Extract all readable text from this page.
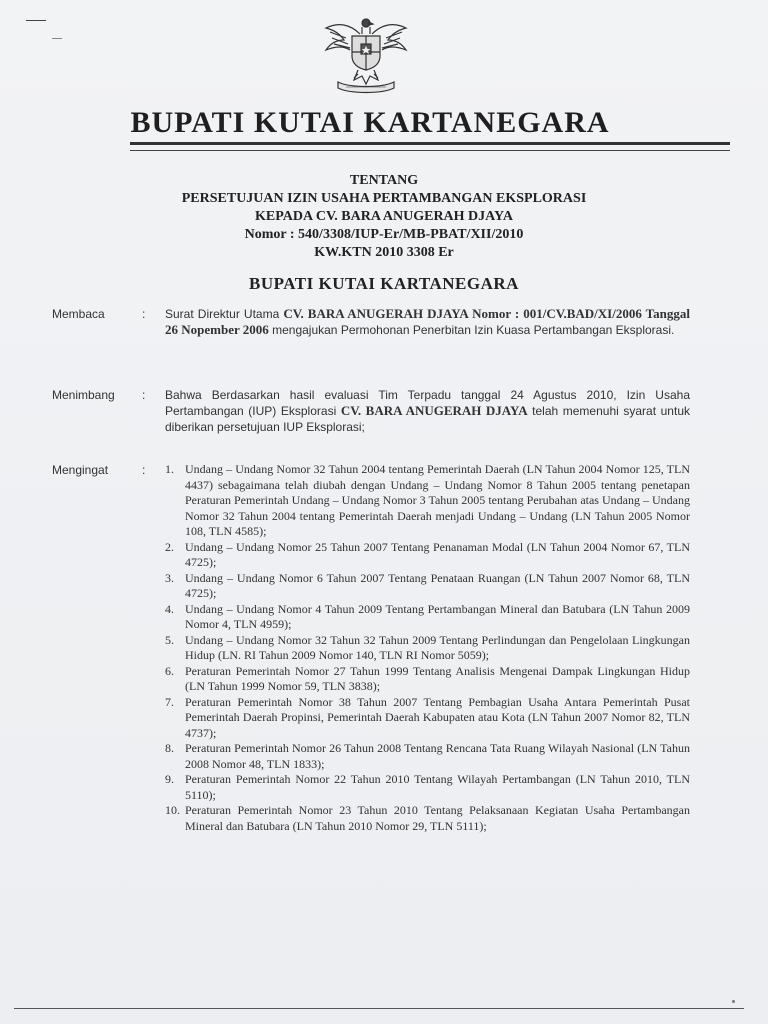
BUPATI KUTAI KARTANEGARA
TENTANG
PERSETUJUAN IZIN USAHA PERTAMBANGAN EKSPLORASI
KEPADA CV. BARA ANUGERAH DJAYA
Nomor : 540/3308/IUP-Er/MB-PBAT/XII/2010
KW.KTN 2010 3308 Er
BUPATI KUTAI KARTANEGARA
Membaca	:	Surat Direktur Utama CV. BARA ANUGERAH DJAYA Nomor : 001/CV.BAD/XI/2006 Tanggal 26 Nopember 2006 mengajukan Permohonan Penerbitan Izin Kuasa Pertambangan Eksplorasi.
Menimbang	:	Bahwa Berdasarkan hasil evaluasi Tim Terpadu tanggal 24 Agustus 2010, Izin Usaha Pertambangan (IUP) Eksplorasi CV. BARA ANUGERAH DJAYA telah memenuhi syarat untuk diberikan persetujuan IUP Eksplorasi;
Mengingat	:	1. Undang – Undang Nomor 32 Tahun 2004 tentang Pemerintah Daerah (LN Tahun 2004 Nomor 125, TLN 4437) sebagaimana telah diubah dengan Undang – Undang Nomor 8 Tahun 2005 tentang penetapan Peraturan Pemerintah Undang – Undang Nomor 3 Tahun 2005 tentang Perubahan atas Undang – Undang Nomor 32 Tahun 2004 tentang Pemerintah Daerah menjadi Undang – Undang (LN Tahun 2005 Nomor 108, TLN 4585);
2. Undang – Undang Nomor 25 Tahun 2007 Tentang Penanaman Modal (LN Tahun 2004 Nomor 67, TLN 4725);
3. Undang – Undang Nomor 6 Tahun 2007 Tentang Penataan Ruangan (LN Tahun 2007 Nomor 68, TLN 4725);
4. Undang – Undang Nomor 4 Tahun 2009 Tentang Pertambangan Mineral dan Batubara (LN Tahun 2009 Nomor 4, TLN 4959);
5. Undang – Undang Nomor 32 Tahun 32 Tahun 2009 Tentang Perlindungan dan Pengelolaan Lingkungan Hidup (LN. RI Tahun 2009 Nomor 140, TLN RI Nomor 5059);
6. Peraturan Pemerintah Nomor 27 Tahun 1999 Tentang Analisis Mengenai Dampak Lingkungan Hidup (LN Tahun 1999 Nomor 59, TLN 3838);
7. Peraturan Pemerintah Nomor 38 Tahun 2007 Tentang Pembagian Usaha Antara Pemerintah Pusat Pemerintah Daerah Propinsi, Pemerintah Daerah Kabupaten atau Kota (LN Tahun 2007 Nomor 82, TLN 4737);
8. Peraturan Pemerintah Nomor 26 Tahun 2008 Tentang Rencana Tata Ruang Wilayah Nasional (LN Tahun 2008 Nomor 48, TLN 1833);
9. Peraturan Pemerintah Nomor 22 Tahun 2010 Tentang Wilayah Pertambangan (LN Tahun 2010, TLN 5110);
10. Peraturan Pemerintah Nomor 23 Tahun 2010 Tentang Pelaksanaan Kegiatan Usaha Pertambangan Mineral dan Batubara (LN Tahun 2010 Nomor 29, TLN 5111);
